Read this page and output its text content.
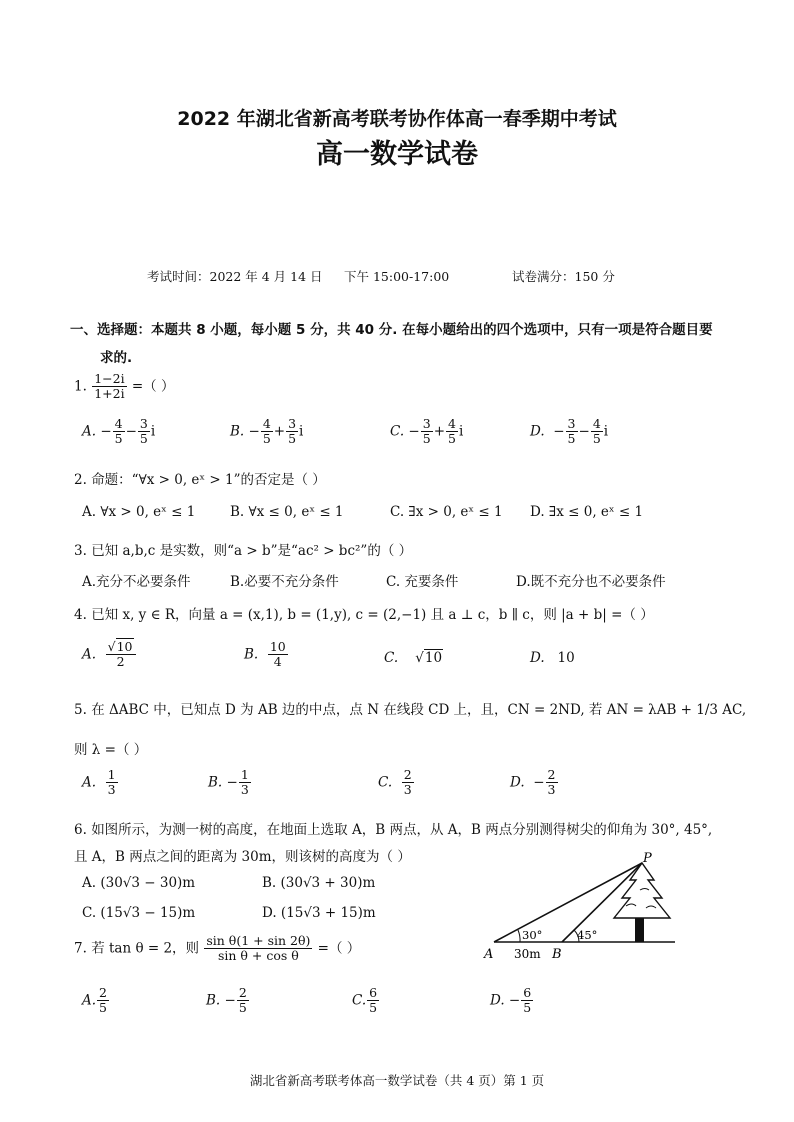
2022 年湖北省新高考联考协作体高一春季期中考试
高一数学试卷
考试时间：2022 年 4 月 14 日 下午 15:00-17:00	试卷满分：150 分
一、选择题：本题共 8 小题，每小题 5 分，共 40 分. 在每小题给出的四个选项中，只有一项是符合题目要
求的.
1. $\frac{1-2i}{1+2i}$ =（ ）
A. − $\frac{4}{5} - \frac{3}{5}$ i	B. − $\frac{4}{5} + \frac{3}{5}$ i	C. − $\frac{3}{5} + \frac{4}{5}$ i	D.  − $\frac{3}{5} - \frac{4}{5}$ i
2. 命题：“∀x > 0, eˣ > 1”的否定是（ ）
A. ∀x > 0, eˣ ≤ 1	B. ∀x ≤ 0, eˣ ≤ 1	C. ∃x > 0, eˣ ≤ 1 D. ∃x ≤ 0, eˣ ≤ 1
3. 已知 a,b,c 是实数，则“a > b”是“ac² > bc²”的（ ）
A.充分不必要条件	B.必要不充分条件	C. 充要条件	D.既不充分也不必要条件
4. 已知 x, y ∈ R，向量 a = (x,1), b = (1,y), c = (2,−1) 且 a ⊥ c，b ∥ c，则 |a + b| =（ ）
A. $\frac{√10}{2}$	B. $\frac{10}{4}$	C.    √10	D.   10
5. 在 ΔABC 中，已知点 D 为 AB 边的中点，点 N 在线段 CD 上，且，CN = 2ND, 若 AN = λAB + 1/3 AC,
则 λ =（ ）
A. $\frac{1}{3}$	B. − $\frac{1}{3}$	C. $\frac{2}{3}$	D.  − $\frac{2}{3}$
6. 如图所示，为测一树的高度，在地面上选取 A，B 两点，从 A，B 两点分别测得树尖的仰角为 30°, 45°,
且 A，B 两点之间的距离为 30m，则该树的高度为（ ）
A. (30√3 − 30)m	B. (30√3 + 30)m
C. (15√3 − 15)m	D. (15√3 + 15)m
P
A	B
30°	45°
30m
7. 若 tan θ = 2，则 $\frac{\text{sin θ(1 + sin 2θ)}}{\text{sin θ + cos θ}}$ =（ ）
A. $\frac{2}{5}$	B. − $\frac{2}{5}$	C. $\frac{6}{5}$	D. − $\frac{6}{5}$
湖北省新高考联考体高一数学试卷（共 4 页）第 1 页
